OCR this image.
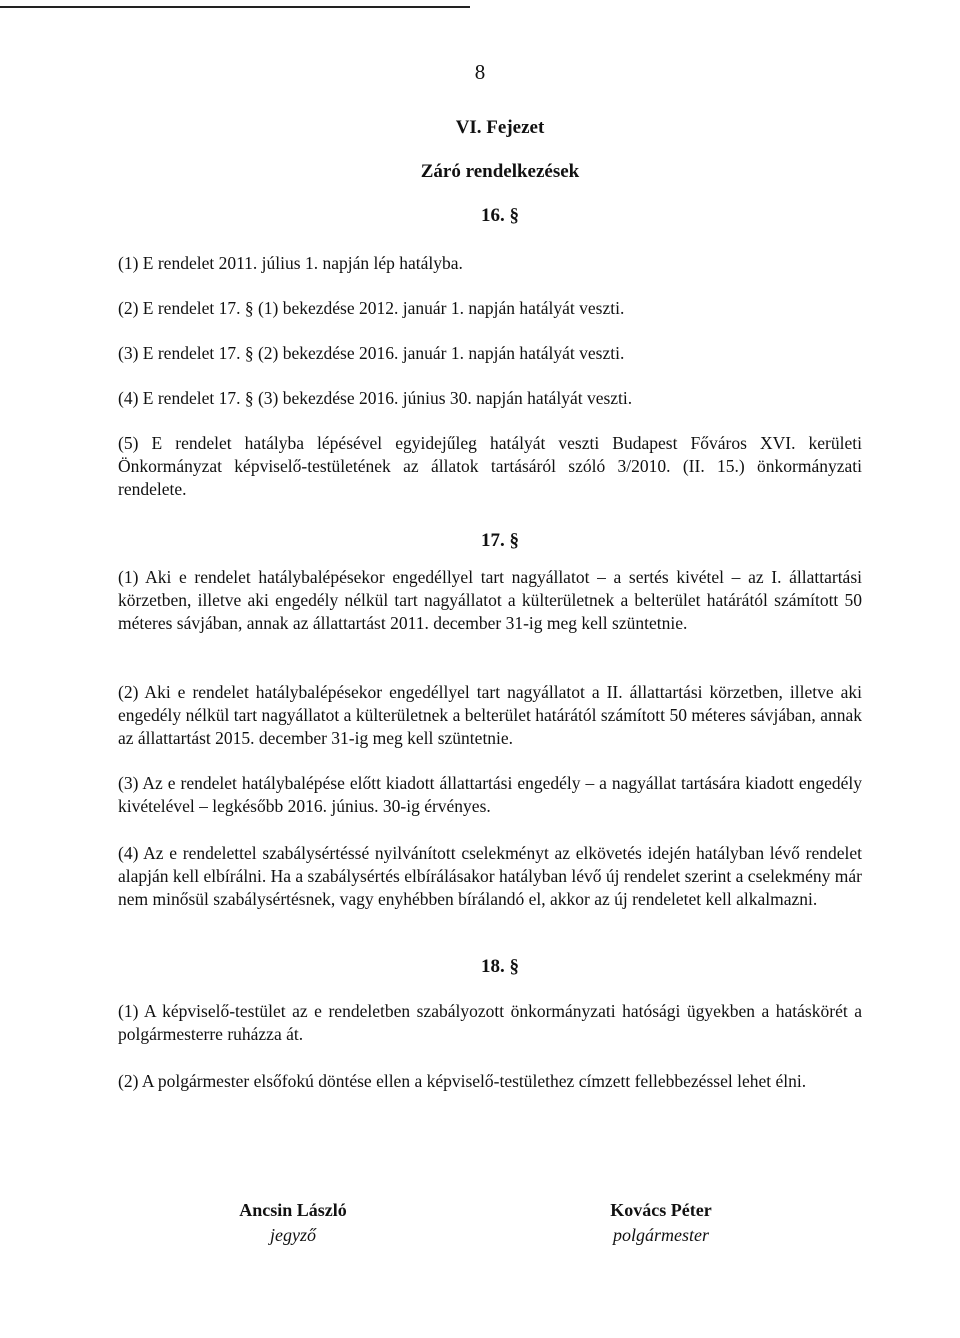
8
VI. Fejezet
Záró rendelkezések
16. §
(1) E rendelet 2011. július 1. napján lép hatályba.
(2) E rendelet 17. § (1) bekezdése 2012. január 1. napján hatályát veszti.
(3) E rendelet 17. § (2) bekezdése 2016. január 1. napján hatályát veszti.
(4) E rendelet 17. § (3) bekezdése 2016. június 30. napján hatályát veszti.
(5) E rendelet hatályba lépésével egyidejűleg hatályát veszti Budapest Főváros XVI. kerületi Önkormányzat képviselő-testületének az állatok tartásáról szóló 3/2010. (II. 15.) önkormányzati rendelete.
17. §
(1) Aki e rendelet hatálybalépésekor engedéllyel tart nagyállatot – a sertés kivétel – az I. állattartási körzetben, illetve aki engedély nélkül tart nagyállatot a külterületnek a belterület határától számított 50 méteres sávjában, annak az állattartást 2011. december 31-ig meg kell szüntetnie.
(2) Aki e rendelet hatálybalépésekor engedéllyel tart nagyállatot a II. állattartási körzetben, illetve aki engedély nélkül tart nagyállatot a külterületnek a belterület határától számított 50 méteres sávjában, annak az állattartást 2015. december 31-ig meg kell szüntetnie.
(3) Az e rendelet hatálybalépése előtt kiadott állattartási engedély – a nagyállat tartására kiadott engedély kivételével – legkésőbb 2016. június. 30-ig érvényes.
(4) Az e rendelettel szabálysértéssé nyilvánított cselekményt az elkövetés idején hatályban lévő rendelet alapján kell elbírálni. Ha a szabálysértés elbírálásakor hatályban lévő új rendelet szerint a cselekmény már nem minősül szabálysértésnek, vagy enyhébben bírálandó el, akkor az új rendeletet kell alkalmazni.
18. §
(1) A képviselő-testület az e rendeletben szabályozott önkormányzati hatósági ügyekben a hatáskörét a polgármesterre ruházza át.
(2) A polgármester elsőfokú döntése ellen a képviselő-testülethez címzett fellebbezéssel lehet élni.
Ancsin László
jegyző
Kovács Péter
polgármester
